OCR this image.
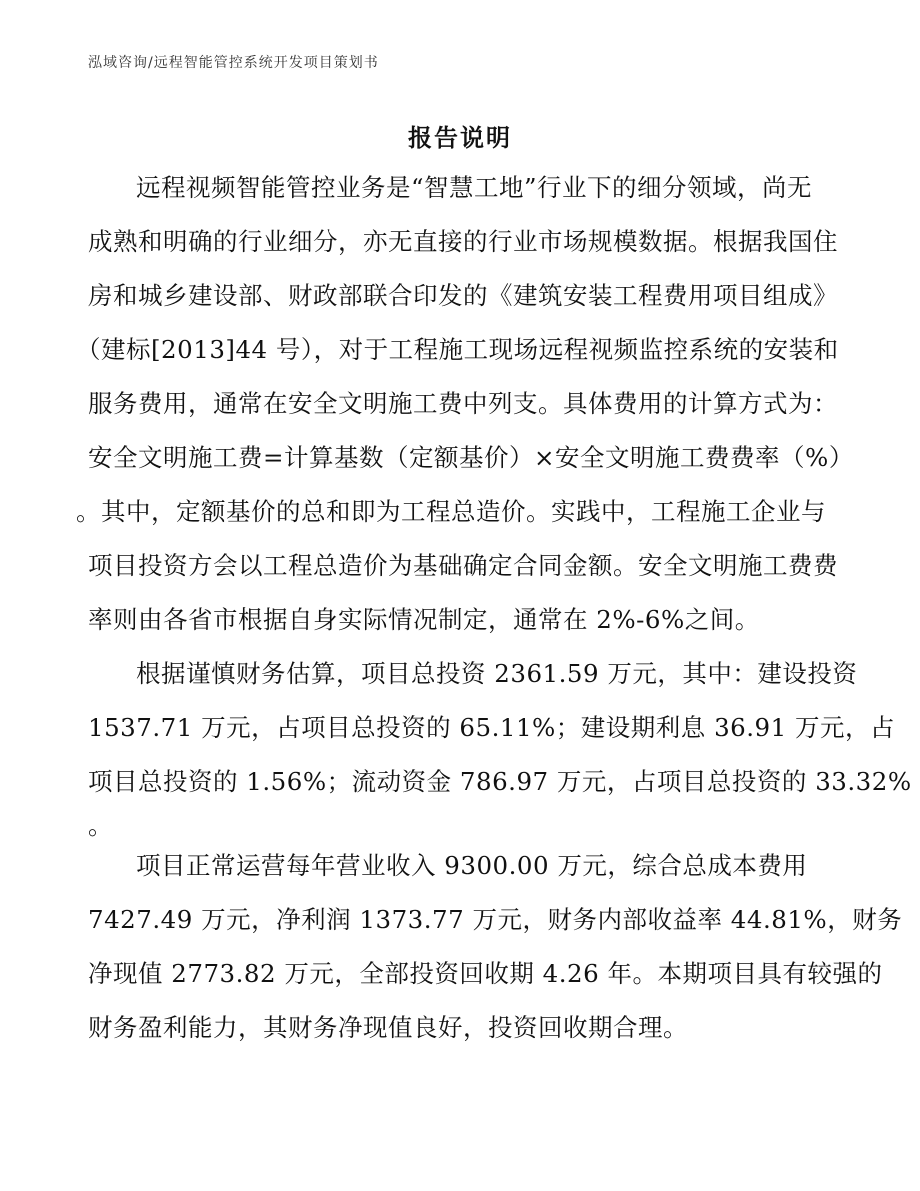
泓域咨询/远程智能管控系统开发项目策划书
报告说明
远程视频智能管控业务是“智慧工地”行业下的细分领域，尚无
成熟和明确的行业细分，亦无直接的行业市场规模数据。根据我国住
房和城乡建设部、财政部联合印发的《建筑安装工程费用项目组成》
（建标[2013]44 号），对于工程施工现场远程视频监控系统的安装和
服务费用，通常在安全文明施工费中列支。具体费用的计算方式为：
安全文明施工费=计算基数（定额基价）×安全文明施工费费率（%）
。其中，定额基价的总和即为工程总造价。实践中，工程施工企业与
项目投资方会以工程总造价为基础确定合同金额。安全文明施工费费
率则由各省市根据自身实际情况制定，通常在 2%-6%之间。
根据谨慎财务估算，项目总投资 2361.59 万元，其中：建设投资
1537.71 万元，占项目总投资的 65.11%；建设期利息 36.91 万元，占
项目总投资的 1.56%；流动资金 786.97 万元，占项目总投资的 33.32%
。
项目正常运营每年营业收入 9300.00 万元，综合总成本费用
7427.49 万元，净利润 1373.77 万元，财务内部收益率 44.81%，财务
净现值 2773.82 万元，全部投资回收期 4.26 年。本期项目具有较强的
财务盈利能力，其财务净现值良好，投资回收期合理。
